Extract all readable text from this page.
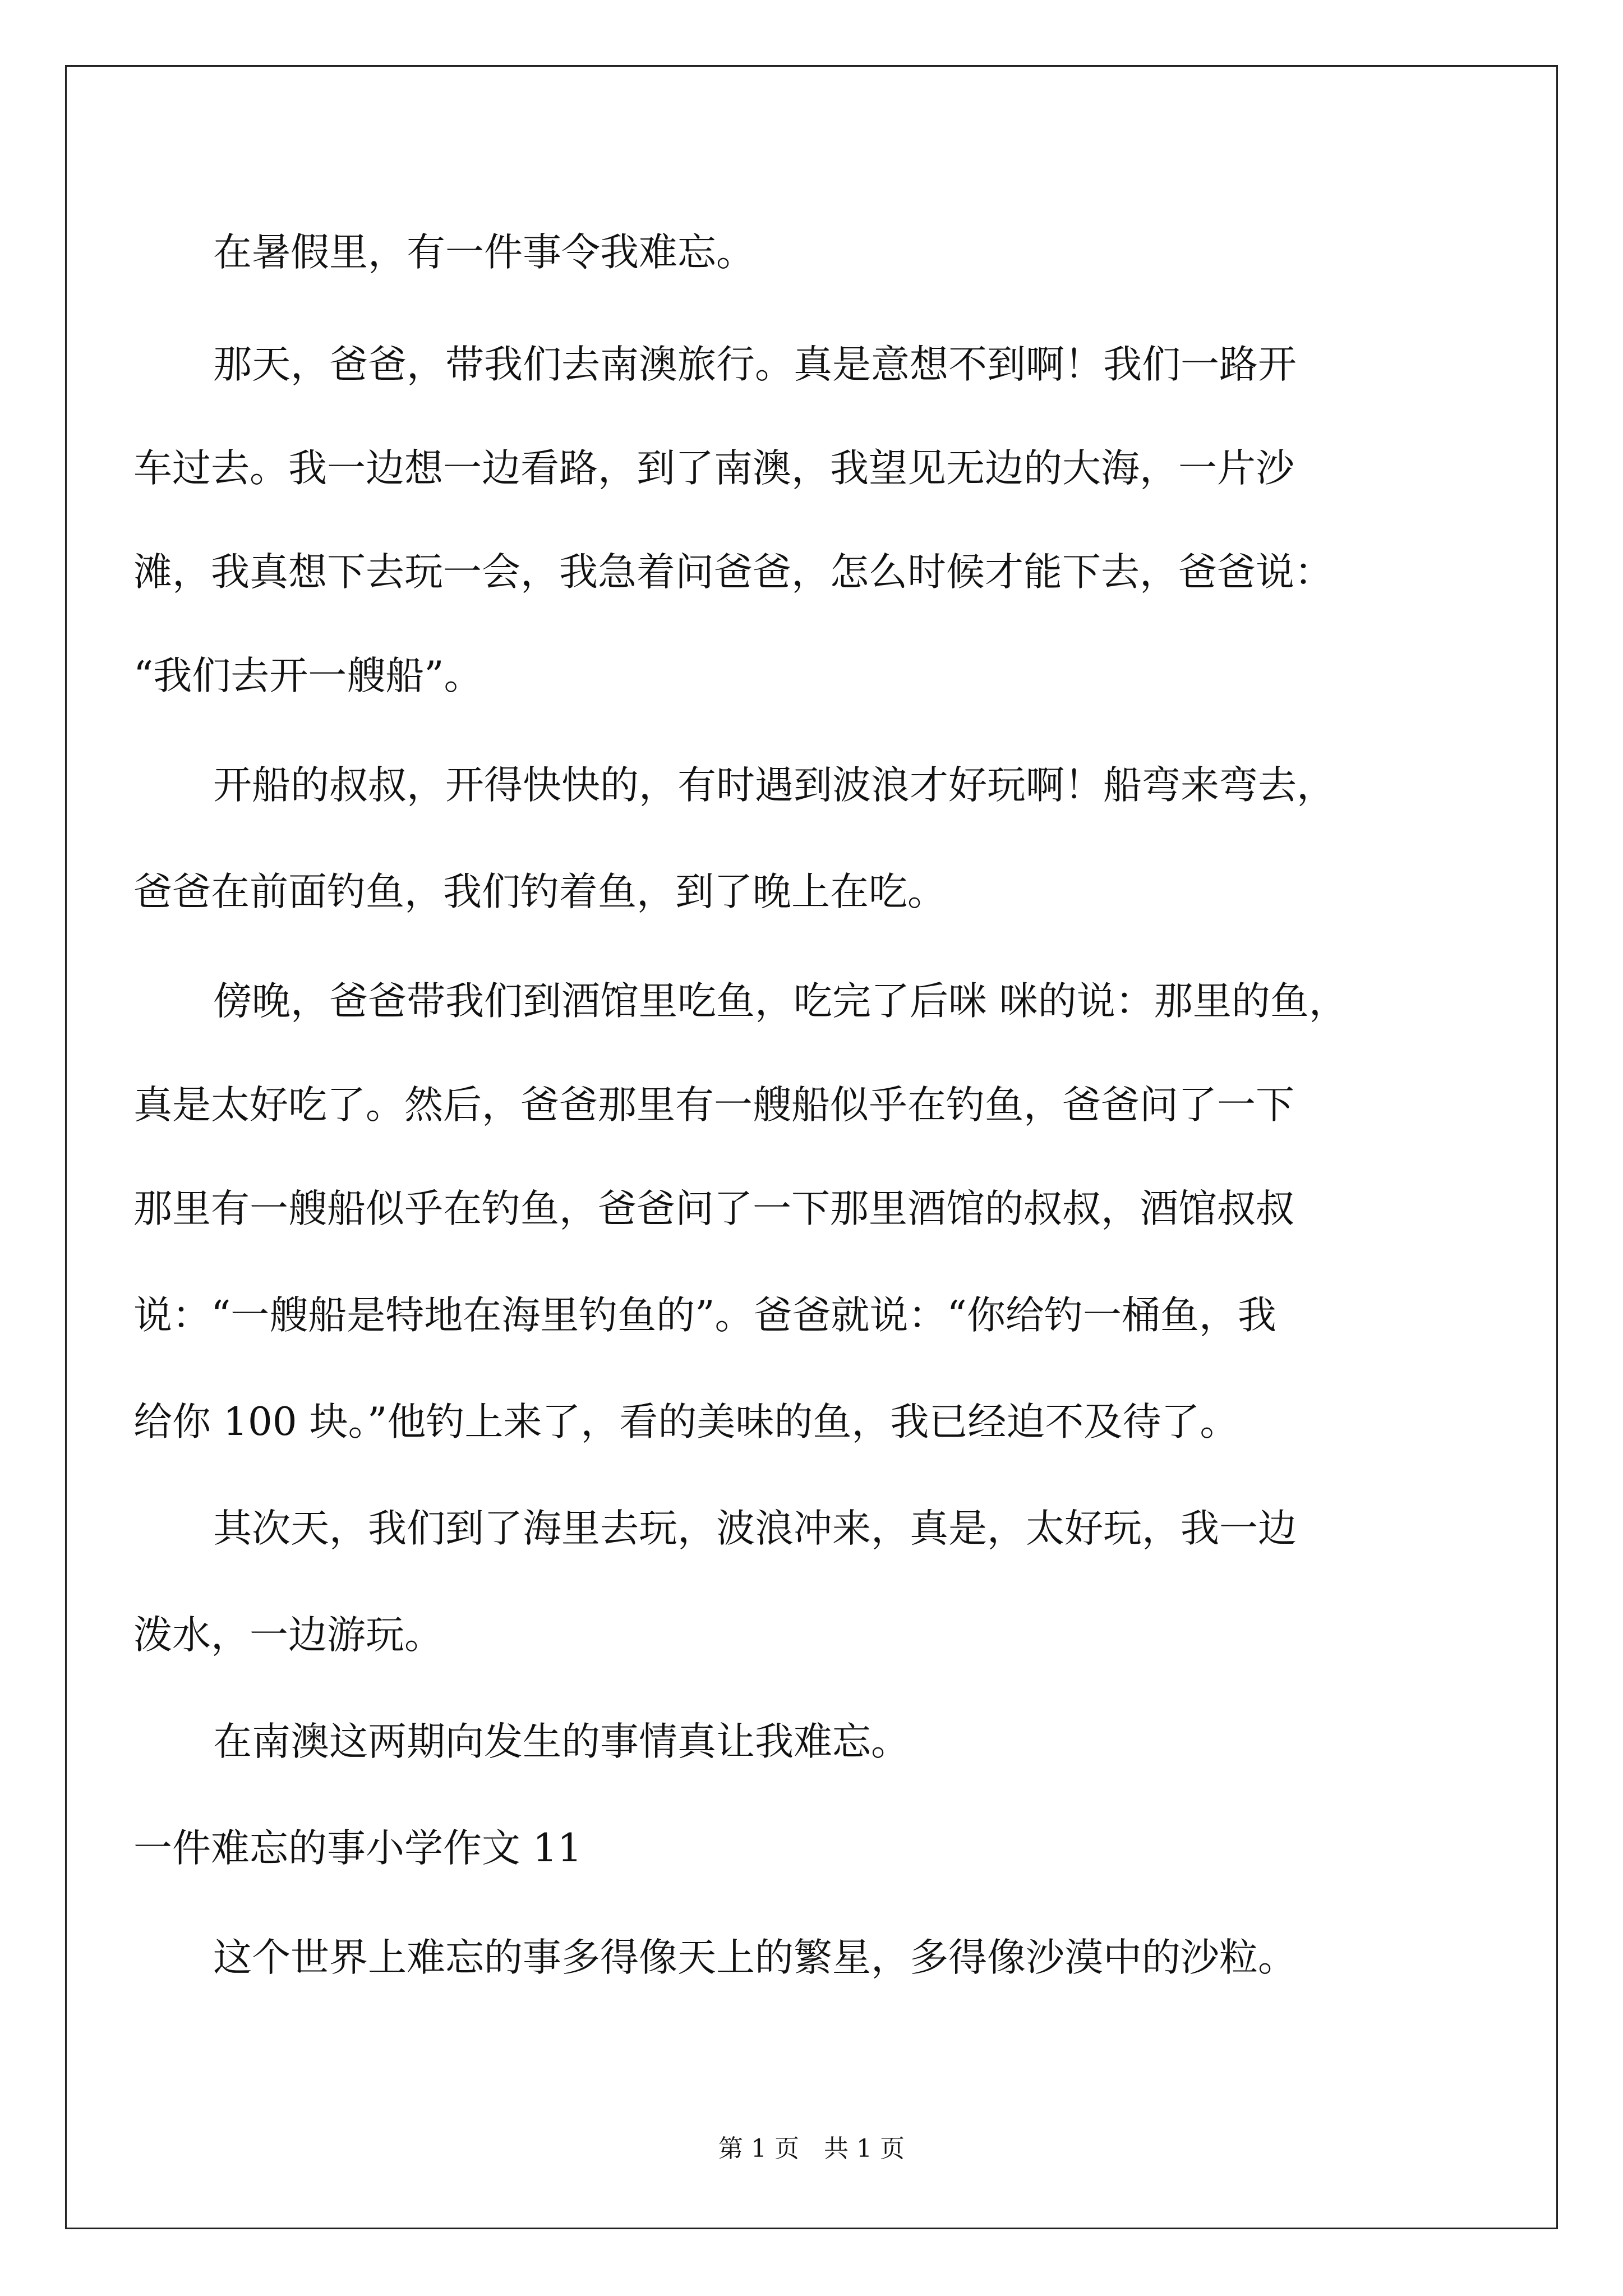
在暑假里，有一件事令我难忘。

那天，爸爸，带我们去南澳旅行。真是意想不到啊！我们一路开

车过去。我一边想一边看路，到了南澳，我望见无边的大海，一片沙

滩，我真想下去玩一会，我急着问爸爸，怎么时候才能下去，爸爸说：

“我们去开一艘船”。

开船的叔叔，开得快快的，有时遇到波浪才好玩啊！船弯来弯去，

爸爸在前面钓鱼，我们钓着鱼，到了晚上在吃。

傍晚，爸爸带我们到酒馆里吃鱼，吃完了后咪 咪的说：那里的鱼，

真是太好吃了。然后，爸爸那里有一艘船似乎在钓鱼，爸爸问了一下

那里有一艘船似乎在钓鱼，爸爸问了一下那里酒馆的叔叔，酒馆叔叔

说：“一艘船是特地在海里钓鱼的”。爸爸就说：“你给钓一桶鱼，我

给你 100 块。”他钓上来了，看的美味的鱼，我已经迫不及待了。

其次天，我们到了海里去玩，波浪冲来，真是，太好玩，我一边

泼水，一边游玩。

在南澳这两期向发生的事情真让我难忘。

一件难忘的事小学作文 11

这个世界上难忘的事多得像天上的繁星，多得像沙漠中的沙粒。

第 1 页　共 1 页
